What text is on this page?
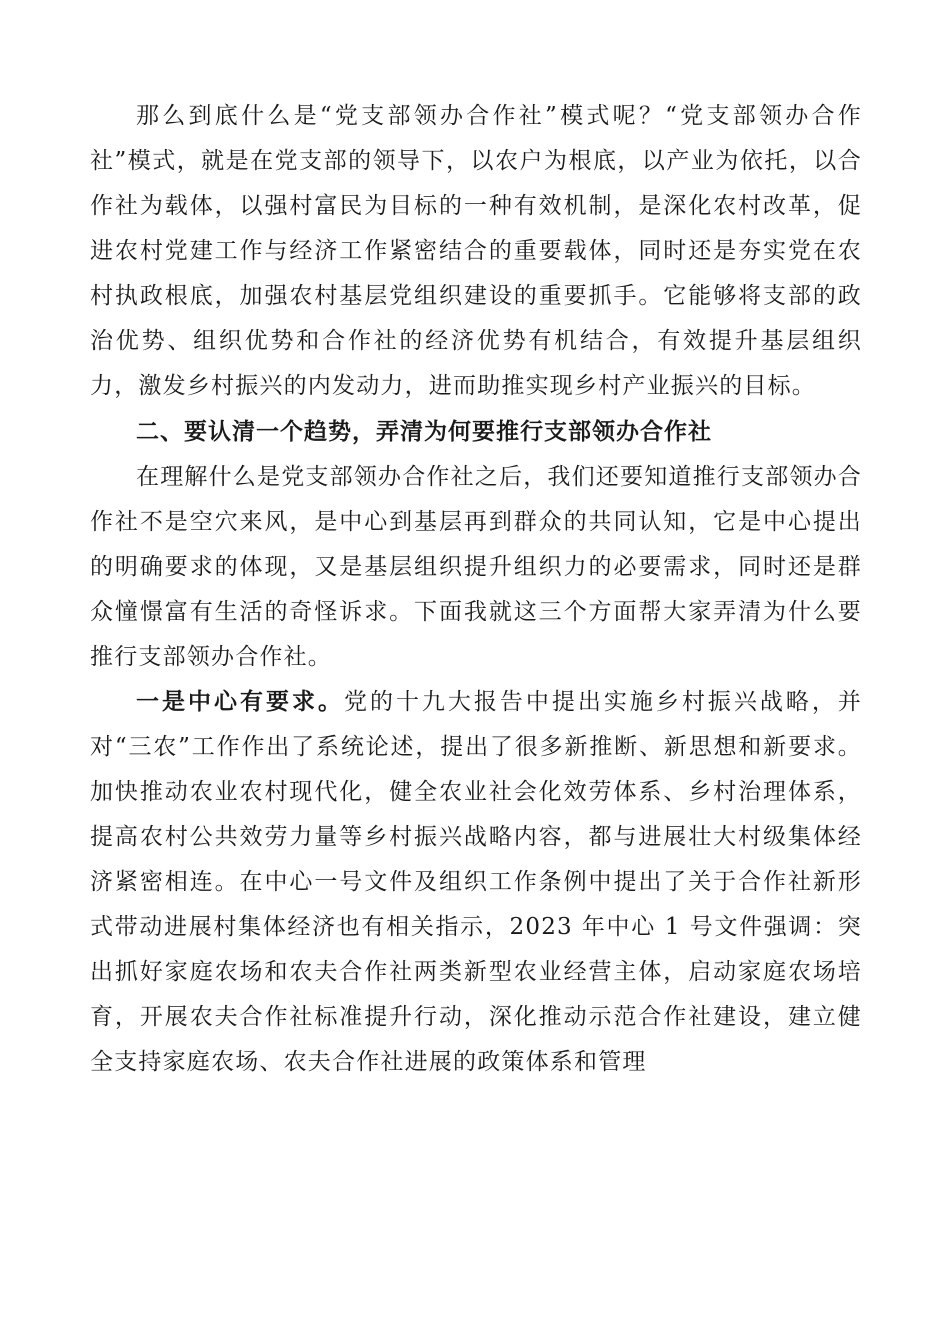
那么到底什么是“党支部领办合作社”模式呢？“党支部领办合作社”模式，就是在党支部的领导下，以农户为根底，以产业为依托，以合作社为载体，以强村富民为目标的一种有效机制，是深化农村改革，促进农村党建工作与经济工作紧密结合的重要载体，同时还是夯实党在农村执政根底，加强农村基层党组织建设的重要抓手。它能够将支部的政治优势、组织优势和合作社的经济优势有机结合，有效提升基层组织力，激发乡村振兴的内发动力，进而助推实现乡村产业振兴的目标。

二、要认清一个趋势，弄清为何要推行支部领办合作社

在理解什么是党支部领办合作社之后，我们还要知道推行支部领办合作社不是空穴来风，是中心到基层再到群众的共同认知，它是中心提出的明确要求的体现，又是基层组织提升组织力的必要需求，同时还是群众憧憬富有生活的奇怪诉求。下面我就这三个方面帮大家弄清为什么要推行支部领办合作社。

一是中心有要求。党的十九大报告中提出实施乡村振兴战略，并对“三农”工作作出了系统论述，提出了很多新推断、新思想和新要求。加快推动农业农村现代化，健全农业社会化效劳体系、乡村治理体系，提高农村公共效劳力量等乡村振兴战略内容，都与进展壮大村级集体经济紧密相连。在中心一号文件及组织工作条例中提出了关于合作社新形式带动进展村集体经济也有相关指示，2023 年中心 1 号文件强调：突出抓好家庭农场和农夫合作社两类新型农业经营主体，启动家庭农场培育，开展农夫合作社标准提升行动，深化推动示范合作社建设，建立健全支持家庭农场、农夫合作社进展的政策体系和管理
